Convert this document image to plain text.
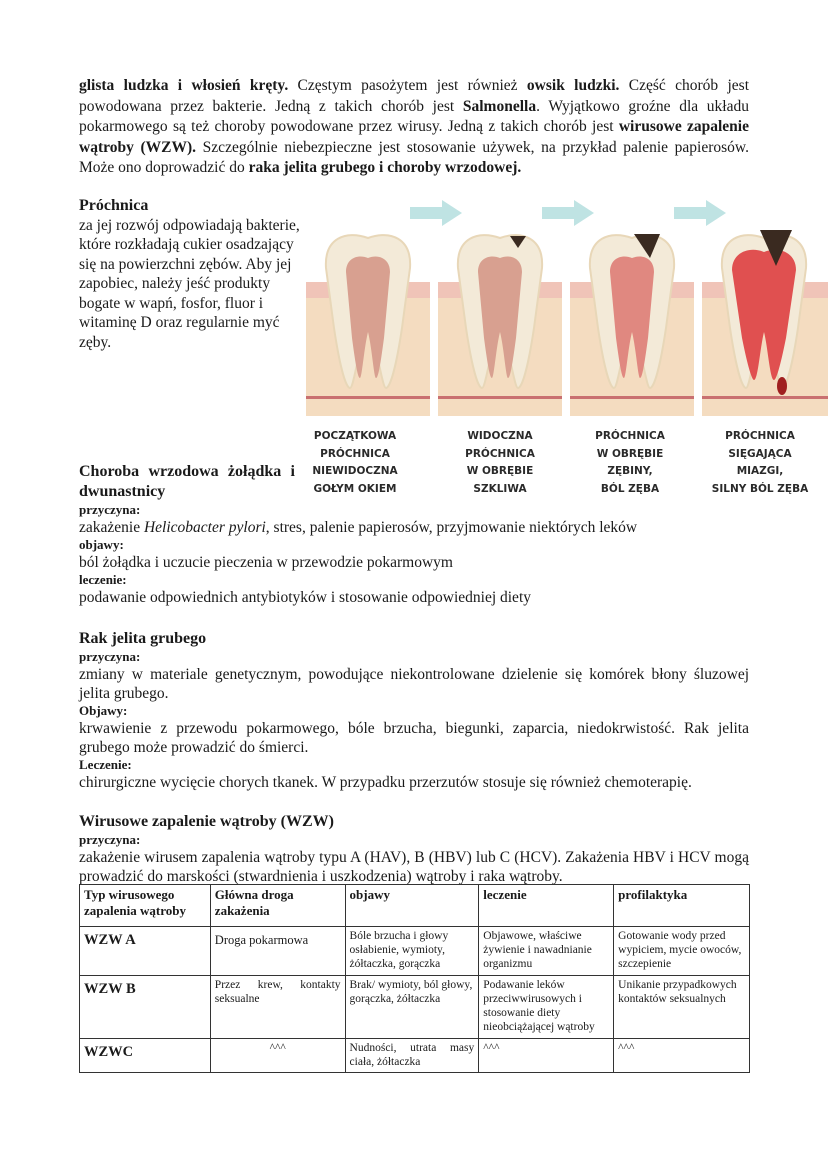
glista ludzka i włosień kręty. Częstym pasożytem jest również owsik ludzki. Część chorób jest powodowana przez bakterie. Jedną z takich chorób jest Salmonella. Wyjątkowo groźne dla układu pokarmowego są też choroby powodowane przez wirusy. Jedną z takich chorób jest wirusowe zapalenie wątroby (WZW). Szczególnie niebezpieczne jest stosowanie używek, na przykład palenie papierosów. Może ono doprowadzić do raka jelita grubego i choroby wrzodowej.
Próchnica
za jej rozwój odpowiadają bakterie, które rozkładają cukier osadzający się na powierzchni zębów. Aby jej zapobiec, należy jeść produkty bogate w wapń, fosfor, fluor i witaminę D oraz regularnie myć zęby.
POCZĄTKOWA
PRÓCHNICA
NIEWIDOCZNA
GOŁYM OKIEM
WIDOCZNA
PRÓCHNICA
W OBRĘBIE
SZKLIWA
PRÓCHNICA
W OBRĘBIE
ZĘBINY,
BÓL ZĘBA
PRÓCHNICA
SIĘGAJĄCA
MIAZGI,
SILNY BÓL ZĘBA
Choroba wrzodowa żołądka i dwunastnicy
przyczyna:
zakażenie Helicobacter pylori, stres, palenie papierosów, przyjmowanie niektórych leków
objawy:
ból żołądka i uczucie pieczenia w przewodzie pokarmowym
leczenie:
podawanie odpowiednich antybiotyków i stosowanie odpowiedniej diety
Rak jelita grubego
przyczyna:
zmiany w materiale genetycznym, powodujące niekontrolowane dzielenie się komórek błony śluzowej jelita grubego.
Objawy:
krwawienie z przewodu pokarmowego, bóle brzucha, biegunki, zaparcia, niedokrwistość. Rak jelita grubego może prowadzić do śmierci.
Leczenie:
chirurgiczne wycięcie chorych tkanek. W przypadku przerzutów stosuje się również chemoterapię.
Wirusowe zapalenie wątroby (WZW)
przyczyna:
zakażenie wirusem zapalenia wątroby typu A (HAV), B (HBV) lub C (HCV). Zakażenia HBV i HCV mogą prowadzić do marskości (stwardnienia i uszkodzenia) wątroby i raka wątroby.
Typ wirusowego zapalenia wątroby	Główna droga zakażenia	objawy	leczenie	profilaktyka
WZW A	Droga pokarmowa	Bóle brzucha i głowy osłabienie, wymioty, żółtaczka, gorączka	Objawowe, właściwe żywienie i nawadnianie organizmu	Gotowanie wody przed wypiciem, mycie owoców, szczepienie
WZW B	Przez krew, kontakty seksualne	Brak/ wymioty, ból głowy, gorączka, żółtaczka	Podawanie leków przeciwwirusowych i stosowanie diety nieobciążającej wątroby	Unikanie przypadkowych kontaktów seksualnych
WZWC	^^^	Nudności, utrata masy ciała, żółtaczka	^^^	^^^
